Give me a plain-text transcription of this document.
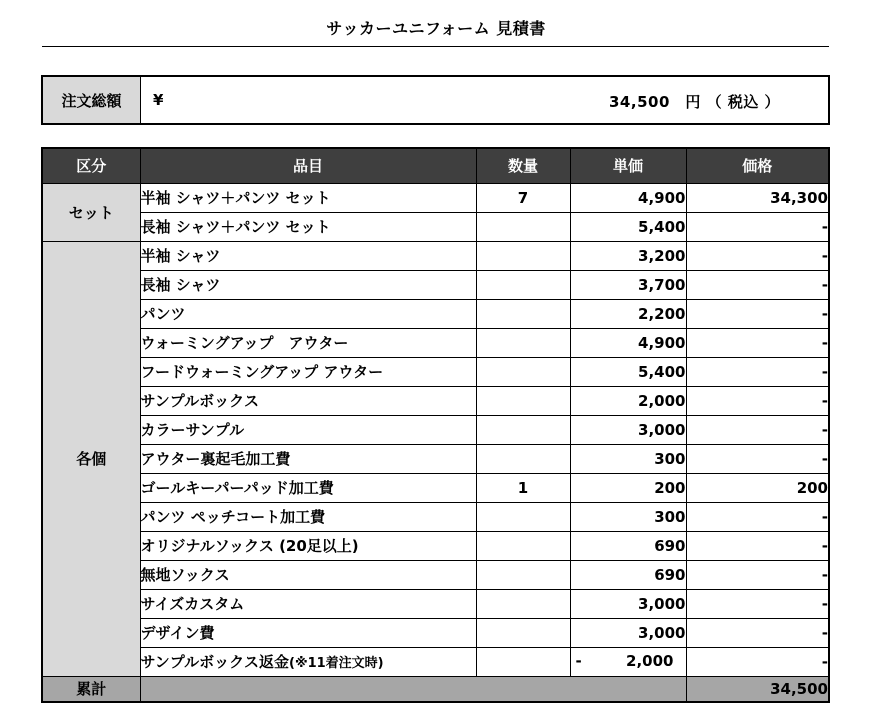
サッカーユニフォーム 見積書
注文総額	¥	34,500　円 （ 税込 ）
区分	品目	数量	単価	価格
セット	半袖 シャツ＋パンツ セット	7	4,900	34,300
	長袖 シャツ＋パンツ セット		5,400	-
各個	半袖 シャツ		3,200	-
	長袖 シャツ		3,700	-
	パンツ		2,200	-
	ウォーミングアップ　アウター		4,900	-
	フードウォーミングアップ アウター		5,400	-
	サンプルボックス		2,000	-
	カラーサンプル		3,000	-
	アウター裏起毛加工費		300	-
	ゴールキーパーパッド加工費	1	200	200
	パンツ ペッチコート加工費		300	-
	オリジナルソックス (20足以上)		690	-
	無地ソックス		690	-
	サイズカスタム		3,000	-
	デザイン費		3,000	-
	サンプルボックス返金(※11着注文時)		- 2,000	-
累計				34,500
